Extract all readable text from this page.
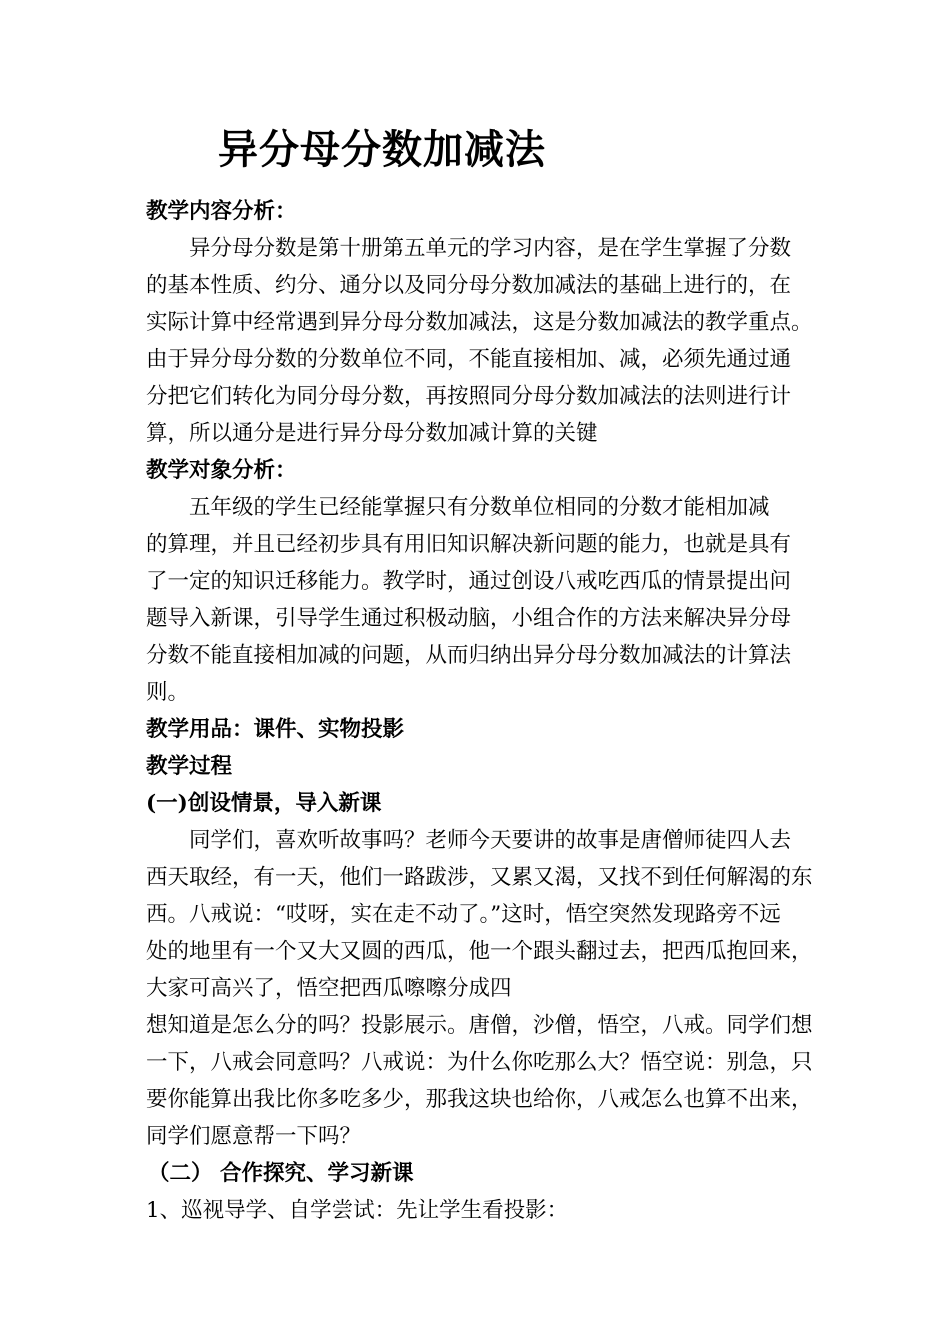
异分母分数加减法
教学内容分析：
异分母分数是第十册第五单元的学习内容，是在学生掌握了分数
的基本性质、约分、通分以及同分母分数加减法的基础上进行的，在
实际计算中经常遇到异分母分数加减法，这是分数加减法的教学重点。
由于异分母分数的分数单位不同，不能直接相加、减，必须先通过通
分把它们转化为同分母分数，再按照同分母分数加减法的法则进行计
算，所以通分是进行异分母分数加减计算的关键
教学对象分析：
五年级的学生已经能掌握只有分数单位相同的分数才能相加减
的算理，并且已经初步具有用旧知识解决新问题的能力，也就是具有
了一定的知识迁移能力。教学时，通过创设八戒吃西瓜的情景提出问
题导入新课，引导学生通过积极动脑，小组合作的方法来解决异分母
分数不能直接相加减的问题，从而归纳出异分母分数加减法的计算法
则。
教学用品：课件、实物投影
教学过程
(一)创设情景，导入新课
同学们，喜欢听故事吗？老师今天要讲的故事是唐僧师徒四人去
西天取经，有一天，他们一路跋涉，又累又渴，又找不到任何解渴的东
西。八戒说：“哎呀，实在走不动了。”这时，悟空突然发现路旁不远
处的地里有一个又大又圆的西瓜，他一个跟头翻过去，把西瓜抱回来，
大家可高兴了，悟空把西瓜嚓嚓分成四
想知道是怎么分的吗？投影展示。唐僧，沙僧，悟空，八戒。同学们想
一下，八戒会同意吗？八戒说：为什么你吃那么大？悟空说：别急，只
要你能算出我比你多吃多少，那我这块也给你，八戒怎么也算不出来，
同学们愿意帮一下吗？
（二） 合作探究、学习新课
1、巡视导学、自学尝试：先让学生看投影：
